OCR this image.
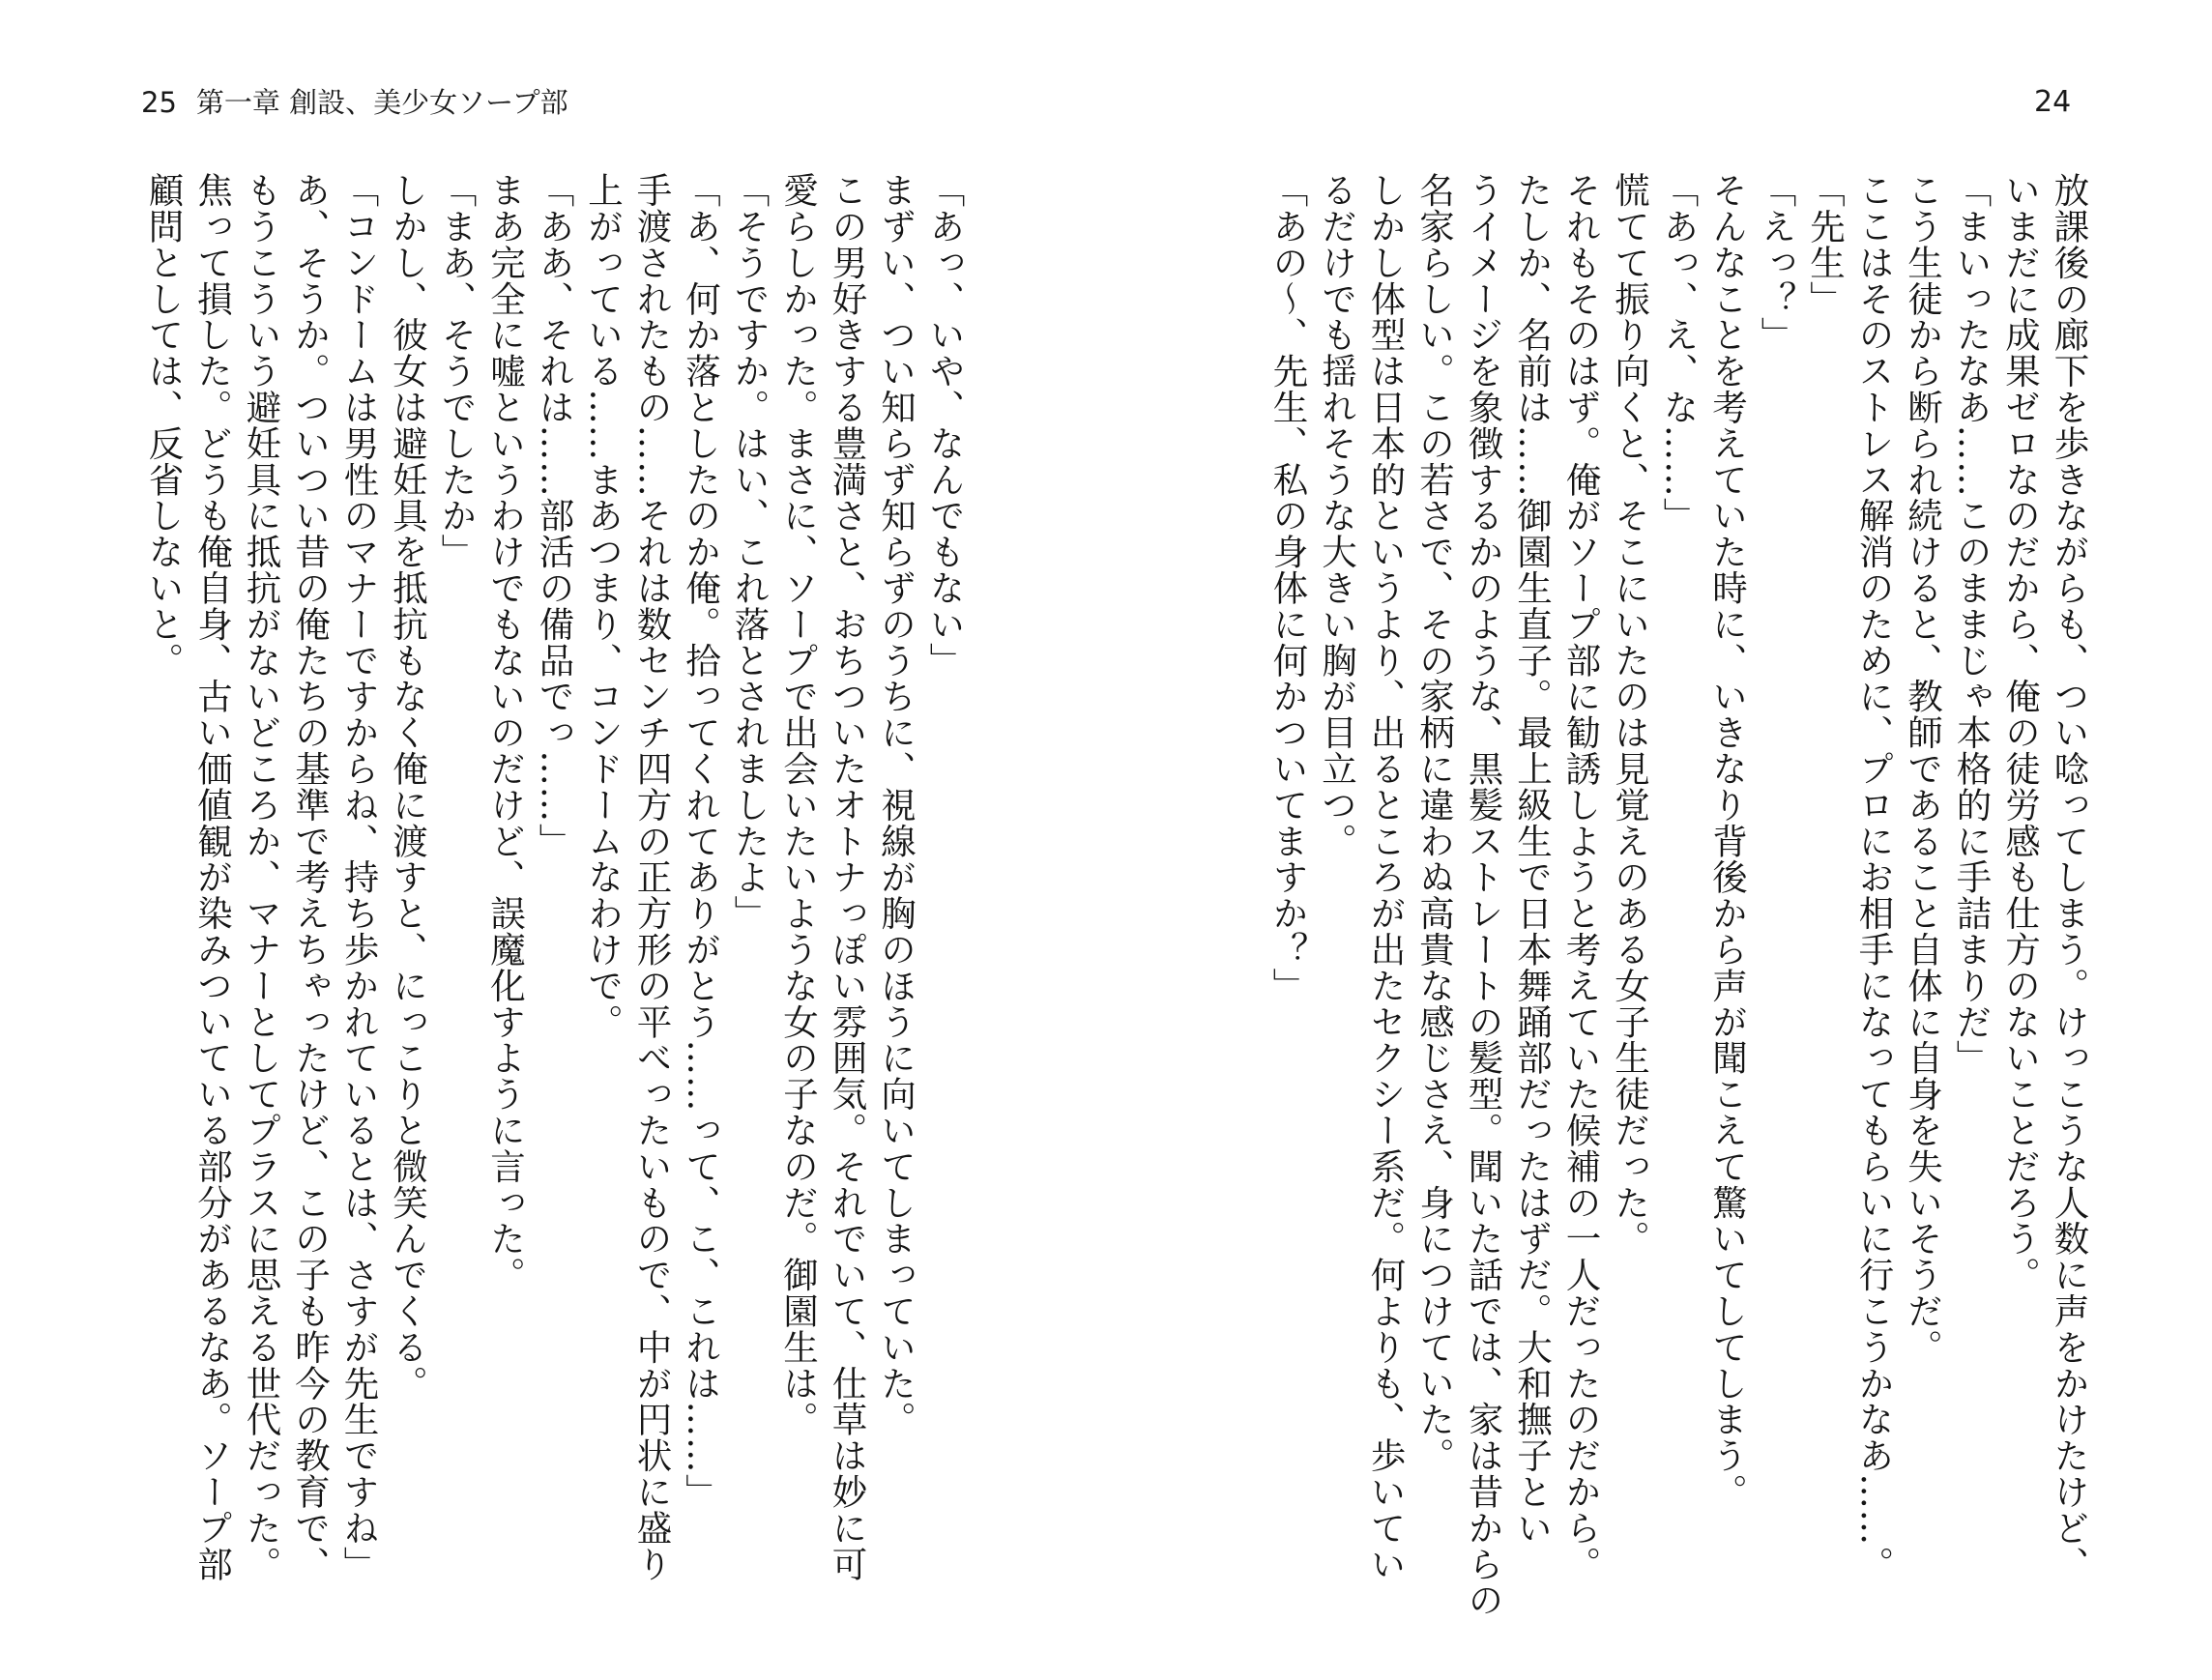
25 第一章 創設、美少女ソープ部	24

放課後の廊下を歩きながらも、つい唸ってしまう。けっこうな人数に声をかけたけど、

いまだに成果ゼロなのだから、俺の徒労感も仕方のないことだろう。

「まいったなあ……このままじゃ本格的に手詰まりだ」

こう生徒から断られ続けると、教師であること自体に自身を失いそうだ。

ここはそのストレス解消のために、プロにお相手になってもらいに行こうかなあ……。

「先生」

「えっ？」

そんなことを考えていた時に、いきなり背後から声が聞こえて驚いてしてしまう。

「あっ、え、な……」

慌てて振り向くと、そこにいたのは見覚えのある女子生徒だった。

それもそのはず。俺がソープ部に勧誘しようと考えていた候補の一人だったのだから。

たしか、名前は……御園生直子。最上級生で日本舞踊部だったはずだ。大和撫子とい

うイメージを象徴するかのような、黒髪ストレートの髪型。聞いた話では、家は昔からの

名家らしい。この若さで、その家柄に違わぬ高貴な感じさえ、身につけていた。

しかし体型は日本的というより、出るところが出たセクシー系だ。何よりも、歩いてい

るだけでも揺れそうな大きい胸が目立つ。

「あの～、先生、私の身体に何かついてますか？」

「あっ、いや、なんでもない」

まずい、つい知らず知らずのうちに、視線が胸のほうに向いてしまっていた。

この男好きする豊満さと、おちついたオトナっぽい雰囲気。それでいて、仕草は妙に可

愛らしかった。まさに、ソープで出会いたいような女の子なのだ。御園生は。

「そうですか。はい、これ落とされましたよ」

「あ、何か落としたのか俺。拾ってくれてありがとう……って、こ、これは……」

手渡されたもの……それは数センチ四方の正方形の平べったいもので、中が円状に盛り

上がっている……まあつまり、コンドームなわけで。

「ああ、それは……部活の備品でっ……」

まあ完全に嘘というわけでもないのだけど、誤魔化すように言った。

「まあ、そうでしたか」

しかし、彼女は避妊具を抵抗もなく俺に渡すと、にっこりと微笑んでくる。

「コンドームは男性のマナーですからね、持ち歩かれているとは、さすが先生ですね」

あ、そうか。ついつい昔の俺たちの基準で考えちゃったけど、この子も昨今の教育で、

もうこういう避妊具に抵抗がないどころか、マナーとしてプラスに思える世代だった。

焦って損した。どうも俺自身、古い価値観が染みついている部分があるなあ。ソープ部

顧問としては、反省しないと。
